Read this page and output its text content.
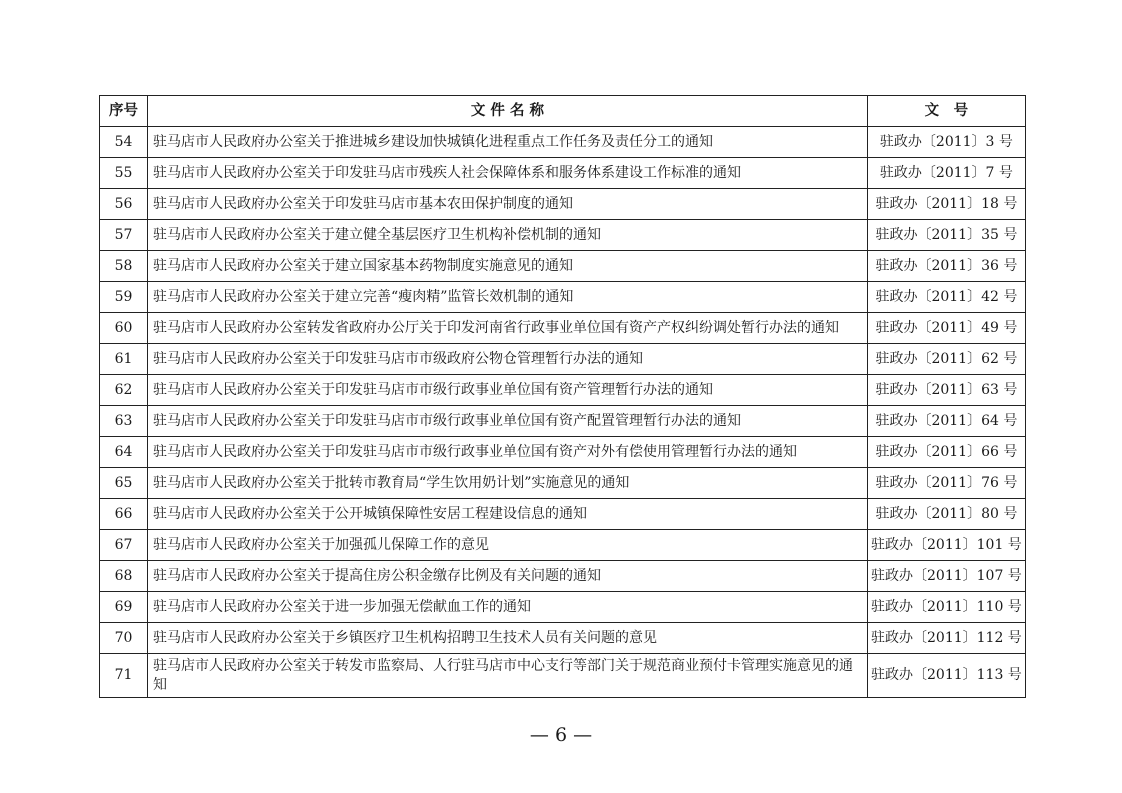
序号	文 件 名 称	文　号
54	驻马店市人民政府办公室关于推进城乡建设加快城镇化进程重点工作任务及责任分工的通知	驻政办〔2011〕3 号
55	驻马店市人民政府办公室关于印发驻马店市残疾人社会保障体系和服务体系建设工作标准的通知	驻政办〔2011〕7 号
56	驻马店市人民政府办公室关于印发驻马店市基本农田保护制度的通知	驻政办〔2011〕18 号
57	驻马店市人民政府办公室关于建立健全基层医疗卫生机构补偿机制的通知	驻政办〔2011〕35 号
58	驻马店市人民政府办公室关于建立国家基本药物制度实施意见的通知	驻政办〔2011〕36 号
59	驻马店市人民政府办公室关于建立完善“瘦肉精”监管长效机制的通知	驻政办〔2011〕42 号
60	驻马店市人民政府办公室转发省政府办公厅关于印发河南省行政事业单位国有资产产权纠纷调处暂行办法的通知	驻政办〔2011〕49 号
61	驻马店市人民政府办公室关于印发驻马店市市级政府公物仓管理暂行办法的通知	驻政办〔2011〕62 号
62	驻马店市人民政府办公室关于印发驻马店市市级行政事业单位国有资产管理暂行办法的通知	驻政办〔2011〕63 号
63	驻马店市人民政府办公室关于印发驻马店市市级行政事业单位国有资产配置管理暂行办法的通知	驻政办〔2011〕64 号
64	驻马店市人民政府办公室关于印发驻马店市市级行政事业单位国有资产对外有偿使用管理暂行办法的通知	驻政办〔2011〕66 号
65	驻马店市人民政府办公室关于批转市教育局“学生饮用奶计划”实施意见的通知	驻政办〔2011〕76 号
66	驻马店市人民政府办公室关于公开城镇保障性安居工程建设信息的通知	驻政办〔2011〕80 号
67	驻马店市人民政府办公室关于加强孤儿保障工作的意见	驻政办〔2011〕101 号
68	驻马店市人民政府办公室关于提高住房公积金缴存比例及有关问题的通知	驻政办〔2011〕107 号
69	驻马店市人民政府办公室关于进一步加强无偿献血工作的通知	驻政办〔2011〕110 号
70	驻马店市人民政府办公室关于乡镇医疗卫生机构招聘卫生技术人员有关问题的意见	驻政办〔2011〕112 号
71	驻马店市人民政府办公室关于转发市监察局、人行驻马店市中心支行等部门关于规范商业预付卡管理实施意见的通知	驻政办〔2011〕113 号
— 6 —
